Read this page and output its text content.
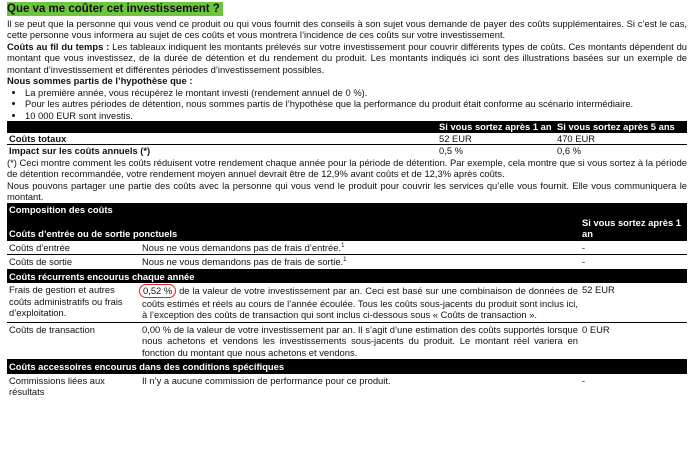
Que va me coûter cet investissement ?

Il se peut que la personne qui vous vend ce produit ou qui vous fournit des conseils à son sujet vous demande de payer des coûts supplémentaires. Si c’est le cas, cette personne vous informera au sujet de ces coûts et vous montrera l’incidence de ces coûts sur votre investissement.

Coûts au fil du temps : Les tableaux indiquent les montants prélevés sur votre investissement pour couvrir différents types de coûts. Ces montants dépendent du montant que vous investissez, de la durée de détention et du rendement du produit. Les montants indiqués ici sont des illustrations basées sur un exemple de montant d’investissement et différentes périodes d’investissement possibles.

Nous sommes partis de l’hypothèse que :
• La première année, vous récupérez le montant investi (rendement annuel de 0 %).
• Pour les autres périodes de détention, nous sommes partis de l’hypothèse que la performance du produit était conforme au scénario intermédiaire.
• 10 000 EUR sont investis.
	Si vous sortez après 1 an	Si vous sortez après 5 ans
Coûts totaux	52 EUR	470 EUR
Impact sur les coûts annuels (*)	0,5 %	0,6 %

(*) Ceci montre comment les coûts réduisent votre rendement chaque année pour la période de détention. Par exemple, cela montre que si vous sortez à la période de détention recommandée, votre rendement moyen annuel devrait être de 12,9% avant coûts et de 12,3% après coûts.

Nous pouvons partager une partie des coûts avec la personne qui vous vend le produit pour couvrir les services qu’elle vous fournit. Elle vous communiquera le montant.

Composition des coûts		
Coûts d’entrée ou de sortie ponctuels		Si vous sortez après 1 an
Coûts d’entrée	Nous ne vous demandons pas de frais d’entrée.$^1$	-
Coûts de sortie	Nous ne vous demandons pas de frais de sortie.$^1$	-
Coûts récurrents encourus chaque année		
Frais de gestion et autres coûts administratifs ou frais d’exploitation.	0,52 % de la valeur de votre investissement par an. Ceci est basé sur une combinaison de données de coûts estimés et réels au cours de l’année écoulée. Tous les coûts sous-jacents du produit sont inclus ici, à l’exception des coûts de transaction qui sont inclus ci-dessous sous « Coûts de transaction ».	52 EUR
Coûts de transaction	0,00 % de la valeur de votre investissement par an. Il s’agit d’une estimation des coûts supportés lorsque nous achetons et vendons les investissements sous-jacents du produit. Le montant réel variera en fonction du montant que nous achetons et vendons.	0 EUR
Coûts accessoires encourus dans des conditions spécifiques		
Commissions liées aux résultats	Il n’y a aucune commission de performance pour ce produit.	-
